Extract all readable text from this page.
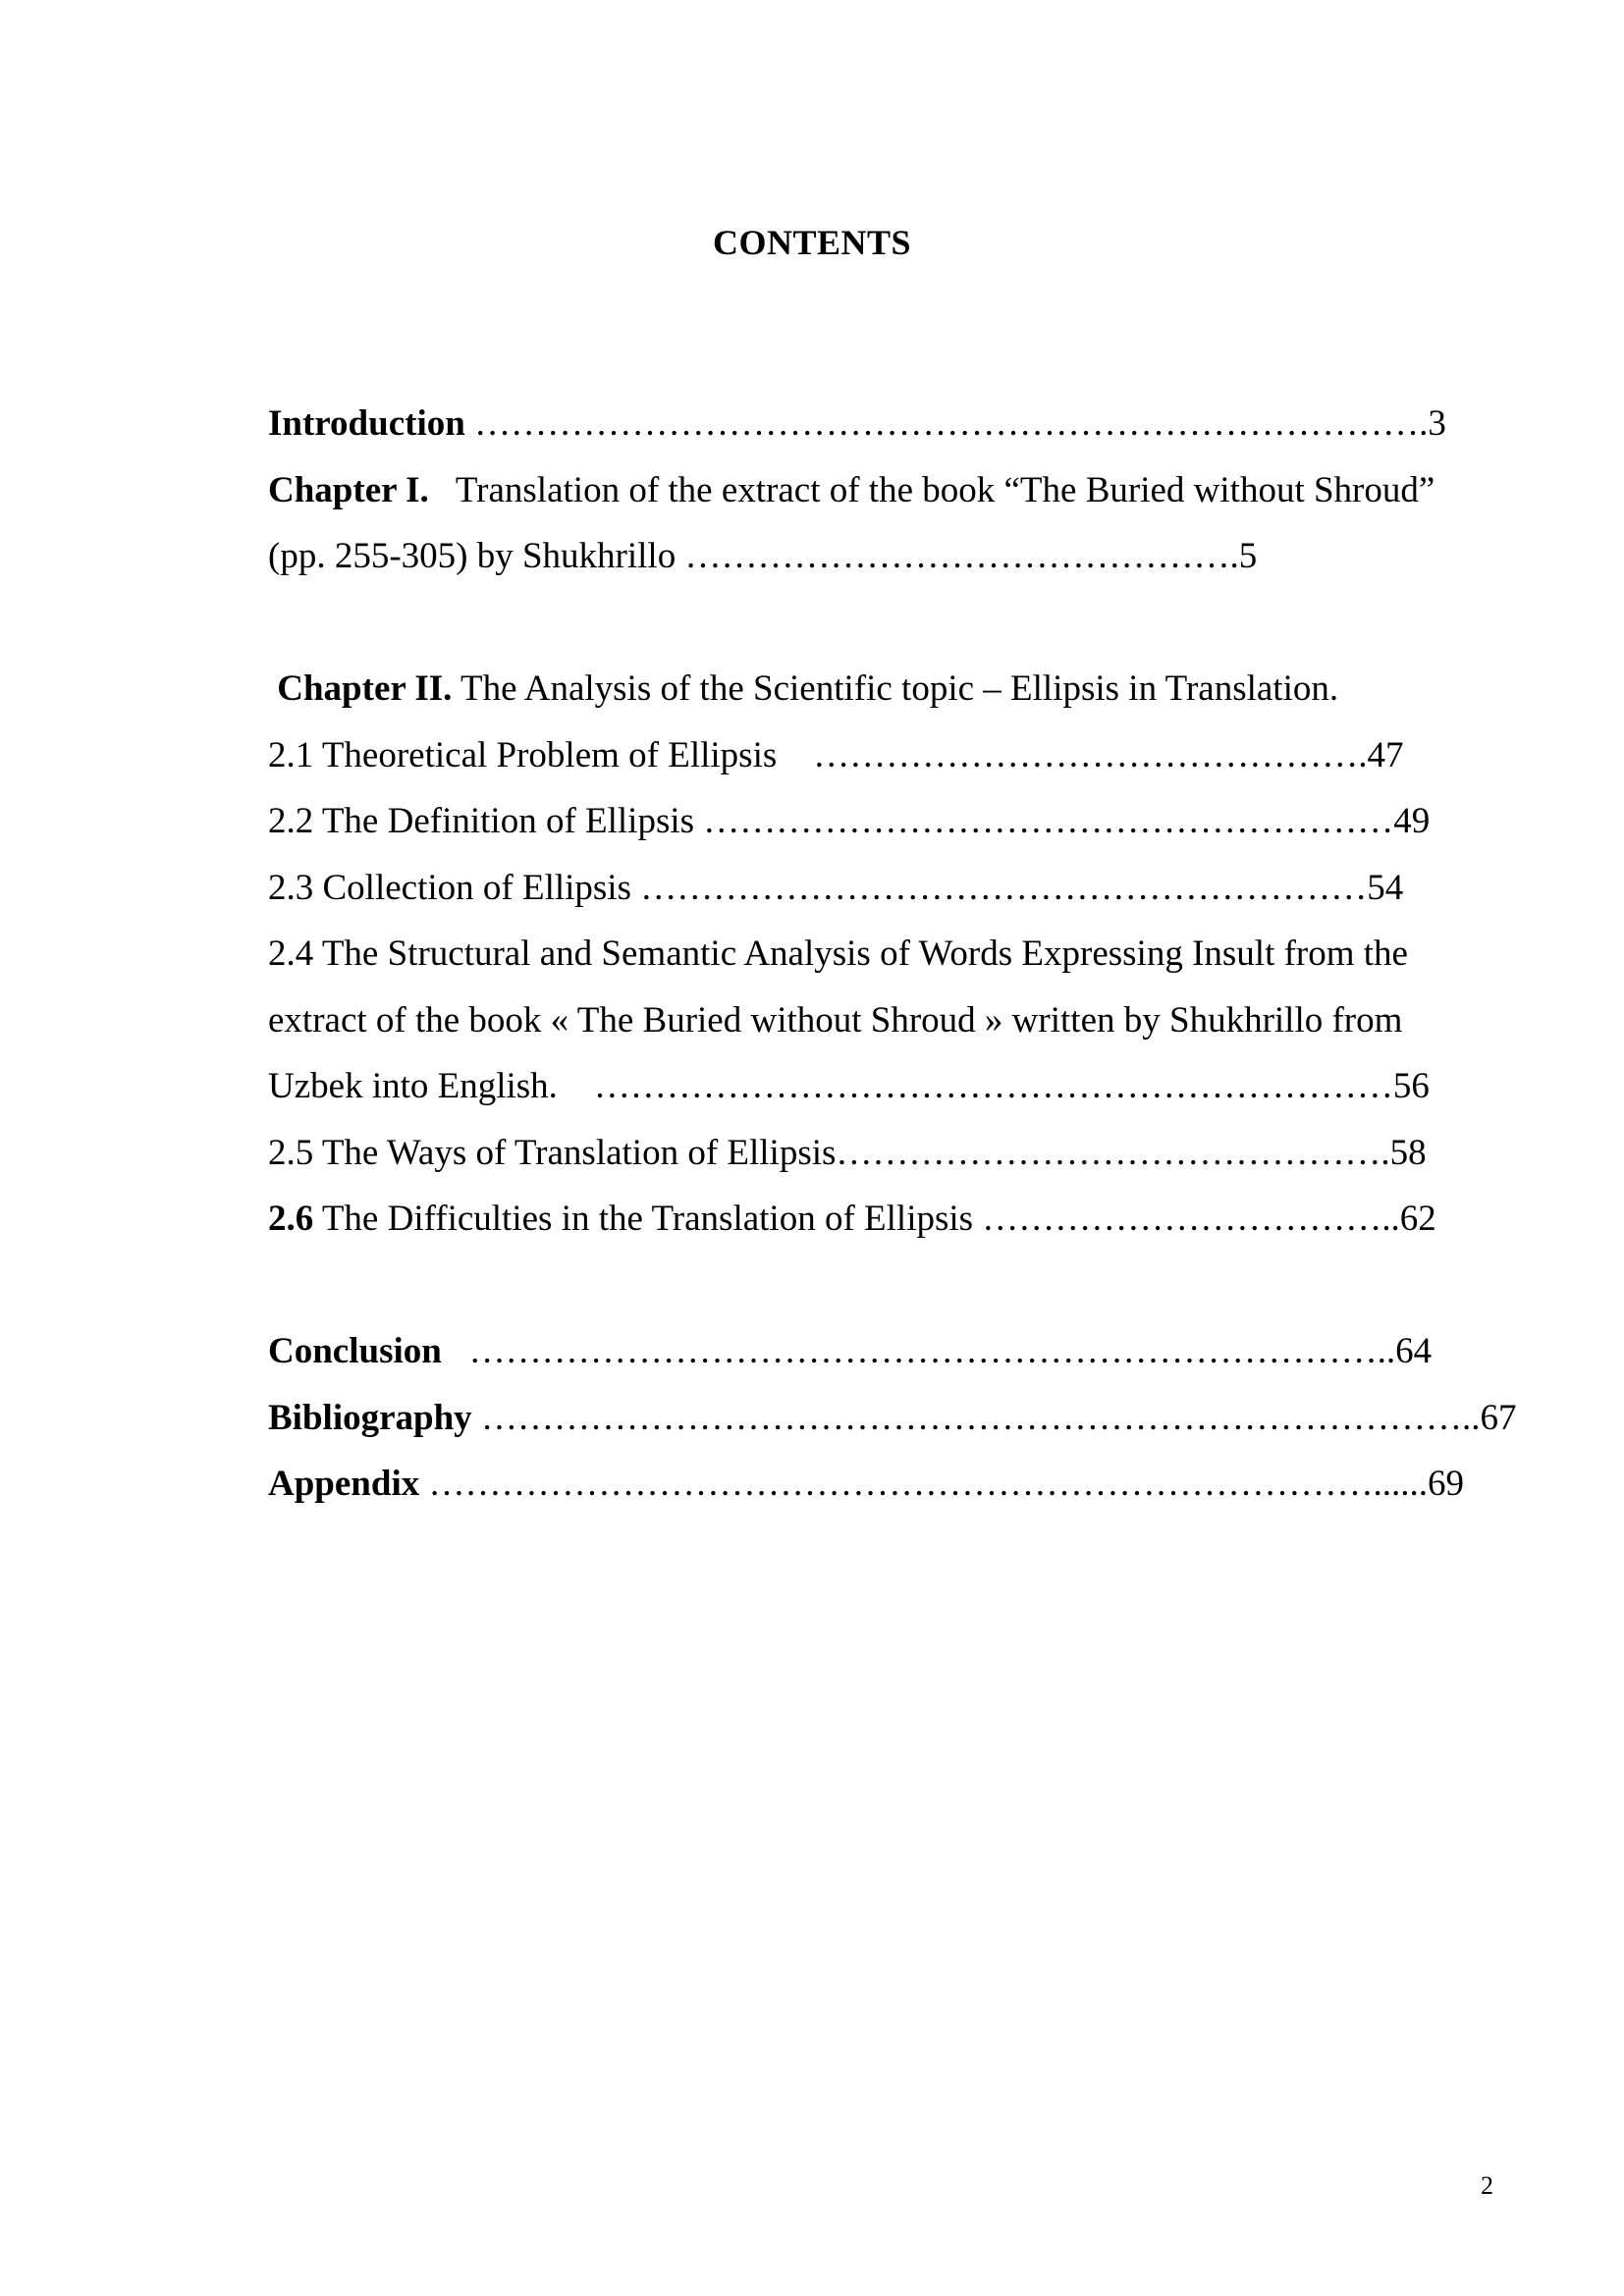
CONTENTS

Introduction …………………………………………………………………….3

Chapter I.   Translation of the extract of the book “The Buried without Shroud”

(pp. 255-305) by Shukhrillo ……………………………………….5

Chapter II. The Analysis of the Scientific topic – Ellipsis in Translation.

2.1 Theoretical Problem of Ellipsis    ……………………………………….47

2.2 The Definition of Ellipsis …………………………………………………49

2.3 Collection of Ellipsis ……………………………………………………54

2.4 The Structural and Semantic Analysis of Words Expressing Insult from the

extract of the book « The Buried without Shroud » written by Shukhrillo from

Uzbek into English.    …………………………………………………………56

2.5 The Ways of Translation of Ellipsis……………………………………….58

2.6 The Difficulties in the Translation of Ellipsis ……………………………..62

Conclusion   …………………………………………………………………..64

Bibliography ………………………………………………………………………..67

Appendix ……………………………………………………………………......69

2
